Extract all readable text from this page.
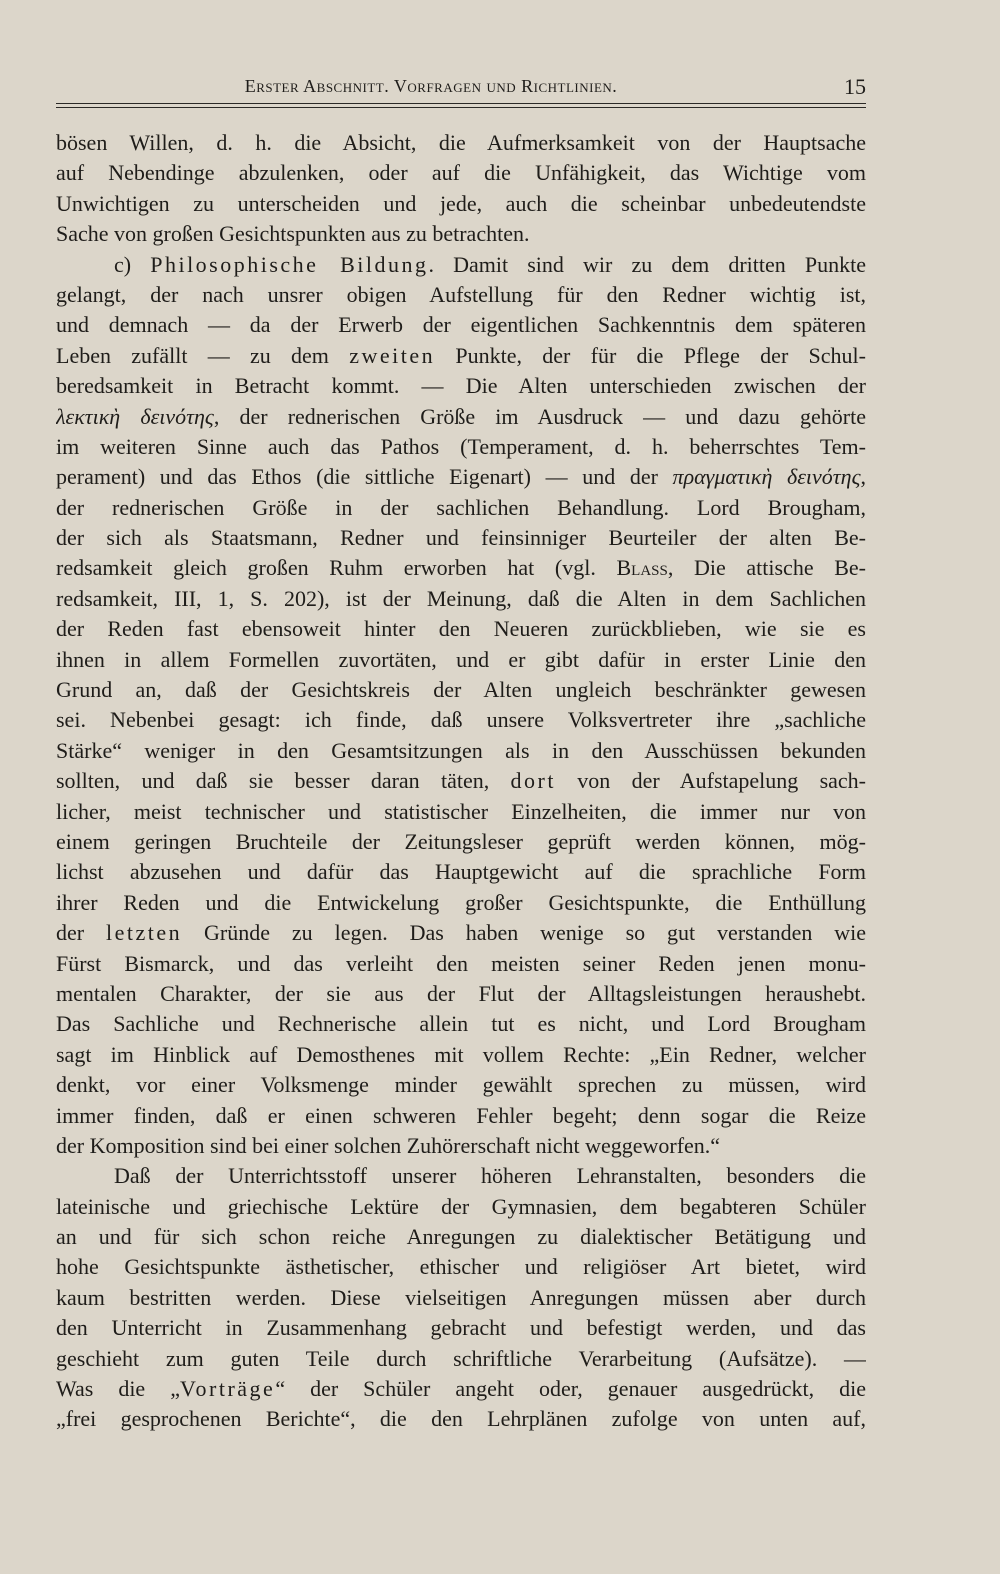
Erster Abschnitt. Vorfragen und Richtlinien.	15
bösen Willen, d. h. die Absicht, die Aufmerksamkeit von der Hauptsache
auf Nebendinge abzulenken, oder auf die Unfähigkeit, das Wichtige vom
Unwichtigen zu unterscheiden und jede, auch die scheinbar unbedeutendste
Sache von großen Gesichtspunkten aus zu betrachten.
c) Philosophische Bildung. Damit sind wir zu dem dritten Punkte
gelangt, der nach unsrer obigen Aufstellung für den Redner wichtig ist,
und demnach — da der Erwerb der eigentlichen Sachkenntnis dem späteren
Leben zufällt — zu dem zweiten Punkte, der für die Pflege der Schul-
beredsamkeit in Betracht kommt. — Die Alten unterschieden zwischen der
λεκτικὴ δεινότης, der rednerischen Größe im Ausdruck — und dazu gehörte
im weiteren Sinne auch das Pathos (Temperament, d. h. beherrschtes Tem-
perament) und das Ethos (die sittliche Eigenart) — und der πραγματικὴ δεινότης,
der rednerischen Größe in der sachlichen Behandlung. Lord Brougham,
der sich als Staatsmann, Redner und feinsinniger Beurteiler der alten Be-
redsamkeit gleich großen Ruhm erworben hat (vgl. Blass, Die attische Be-
redsamkeit, III, 1, S. 202), ist der Meinung, daß die Alten in dem Sachlichen
der Reden fast ebensoweit hinter den Neueren zurückblieben, wie sie es
ihnen in allem Formellen zuvortäten, und er gibt dafür in erster Linie den
Grund an, daß der Gesichtskreis der Alten ungleich beschränkter gewesen
sei. Nebenbei gesagt: ich finde, daß unsere Volksvertreter ihre „sachliche
Stärke“ weniger in den Gesamtsitzungen als in den Ausschüssen bekunden
sollten, und daß sie besser daran täten, dort von der Aufstapelung sach-
licher, meist technischer und statistischer Einzelheiten, die immer nur von
einem geringen Bruchteile der Zeitungsleser geprüft werden können, mög-
lichst abzusehen und dafür das Hauptgewicht auf die sprachliche Form
ihrer Reden und die Entwickelung großer Gesichtspunkte, die Enthüllung
der letzten Gründe zu legen. Das haben wenige so gut verstanden wie
Fürst Bismarck, und das verleiht den meisten seiner Reden jenen monu-
mentalen Charakter, der sie aus der Flut der Alltagsleistungen heraushebt.
Das Sachliche und Rechnerische allein tut es nicht, und Lord Brougham
sagt im Hinblick auf Demosthenes mit vollem Rechte: „Ein Redner, welcher
denkt, vor einer Volksmenge minder gewählt sprechen zu müssen, wird
immer finden, daß er einen schweren Fehler begeht; denn sogar die Reize
der Komposition sind bei einer solchen Zuhörerschaft nicht weggeworfen.“
Daß der Unterrichtsstoff unserer höheren Lehranstalten, besonders die
lateinische und griechische Lektüre der Gymnasien, dem begabteren Schüler
an und für sich schon reiche Anregungen zu dialektischer Betätigung und
hohe Gesichtspunkte ästhetischer, ethischer und religiöser Art bietet, wird
kaum bestritten werden. Diese vielseitigen Anregungen müssen aber durch
den Unterricht in Zusammenhang gebracht und befestigt werden, und das
geschieht zum guten Teile durch schriftliche Verarbeitung (Aufsätze). —
Was die „Vorträge“ der Schüler angeht oder, genauer ausgedrückt, die
„frei gesprochenen Berichte“, die den Lehrplänen zufolge von unten auf,
